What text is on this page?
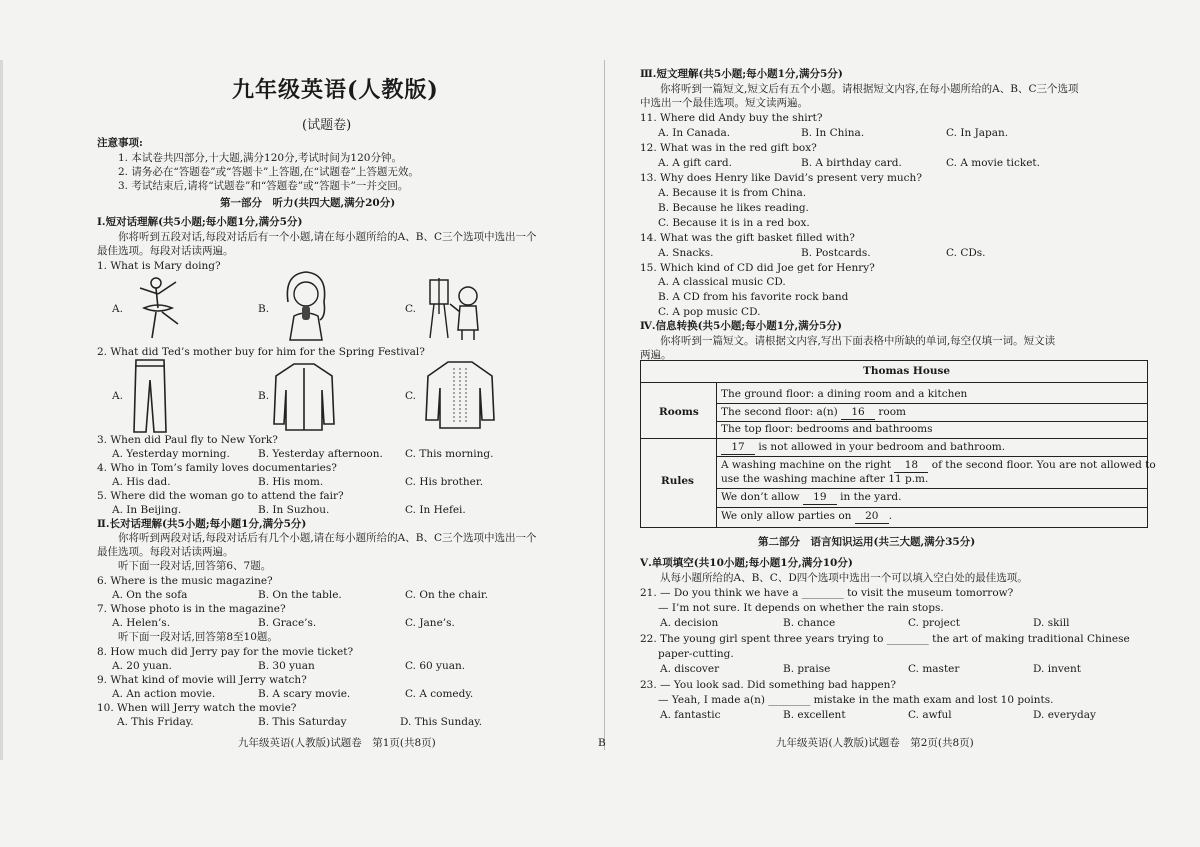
九年级英语(人教版)
(试题卷)
注意事项:
1. 本试卷共四部分,十大题,满分120分,考试时间为120分钟。
2. 请务必在“答题卷”或“答题卡”上答题,在“试题卷”上答题无效。
3. 考试结束后,请将“试题卷”和“答题卷”或“答题卡”一并交回。
第一部分　听力(共四大题,满分20分)
Ⅰ.短对话理解(共5小题;每小题1分,满分5分)
你将听到五段对话,每段对话后有一个小题,请在每小题所给的A、B、C三个选项中选出一个
最佳选项。每段对话读两遍。
1. What is Mary doing?
A.	B.	C.
2. What did Ted’s mother buy for him for the Spring Festival?
A.	B.	C.
3. When did Paul fly to New York?
A. Yesterday morning.	B. Yesterday afternoon. C. This morning.
4. Who in Tom’s family loves documentaries?
A. His dad.	B. His mom.	C. His brother.
5. Where did the woman go to attend the fair?
A. In Beijing.	B. In Suzhou.	C. In Hefei.
Ⅱ.长对话理解(共5小题;每小题1分,满分5分)
你将听到两段对话,每段对话后有几个小题,请在每小题所给的A、B、C三个选项中选出一个
最佳选项。每段对话读两遍。
听下面一段对话,回答第6、7题。
6. Where is the music magazine?
A. On the sofa	B. On the table.	C. On the chair.
7. Whose photo is in the magazine?
A. Helen’s.	B. Grace’s.	C. Jane’s.
听下面一段对话,回答第8至10题。
8. How much did Jerry pay for the movie ticket?
A. 20 yuan.	B. 30 yuan	C. 60 yuan.
9. What kind of movie will Jerry watch?
A. An action movie.	B. A scary movie.	C. A comedy.
10. When will Jerry watch the movie?
A. This Friday.	B. This Saturday	D. This Sunday.
九年级英语(人教版)试题卷　第1页(共8页)	B
Ⅲ.短文理解(共5小题;每小题1分,满分5分)
你将听到一篇短文,短文后有五个小题。请根据短文内容,在每小题所给的A、B、C三个选项
中选出一个最佳选项。短文读两遍。
11. Where did Andy buy the shirt?
A. In Canada.	B. In China.	C. In Japan.
12. What was in the red gift box?
A. A gift card.	B. A birthday card.	C. A movie ticket.
13. Why does Henry like David’s present very much?
A. Because it is from China.
B. Because he likes reading.
C. Because it is in a red box.
14. What was the gift basket filled with?
A. Snacks.	B. Postcards.	C. CDs.
15. Which kind of CD did Joe get for Henry?
A. A classical music CD.
B. A CD from his favorite rock band
C. A pop music CD.
Ⅳ.信息转换(共5小题;每小题1分,满分5分)
你将听到一篇短文。请根据文内容,写出下面表格中所缺的单词,每空仅填一词。短文读
两遍。
Thomas House
Rooms
The ground floor: a dining room and a kitchen
The second floor: a(n) 16 room
The top floor: bedrooms and bathrooms
Rules
17 is not allowed in your bedroom and bathroom.
A washing machine on the right 18 of the second floor. You are not allowed to
use the washing machine after 11 p.m.
We don’t allow 19 in the yard.
We only allow parties on 20 .
第二部分　语言知识运用(共三大题,满分35分)
Ⅴ.单项填空(共10小题;每小题1分,满分10分)
从每小题所给的A、B、C、D四个选项中选出一个可以填入空白处的最佳选项。
21. — Do you think we have a ________ to visit the museum tomorrow?
— I’m not sure. It depends on whether the rain stops.
A. decision	B. chance	C. project	D. skill
22. The young girl spent three years trying to ________ the art of making traditional Chinese
paper-cutting.
A. discover	B. praise	C. master	D. invent
23. — You look sad. Did something bad happen?
— Yeah, I made a(n) ________ mistake in the math exam and lost 10 points.
A. fantastic	B. excellent	C. awful	D. everyday
九年级英语(人教版)试题卷　第2页(共8页)
